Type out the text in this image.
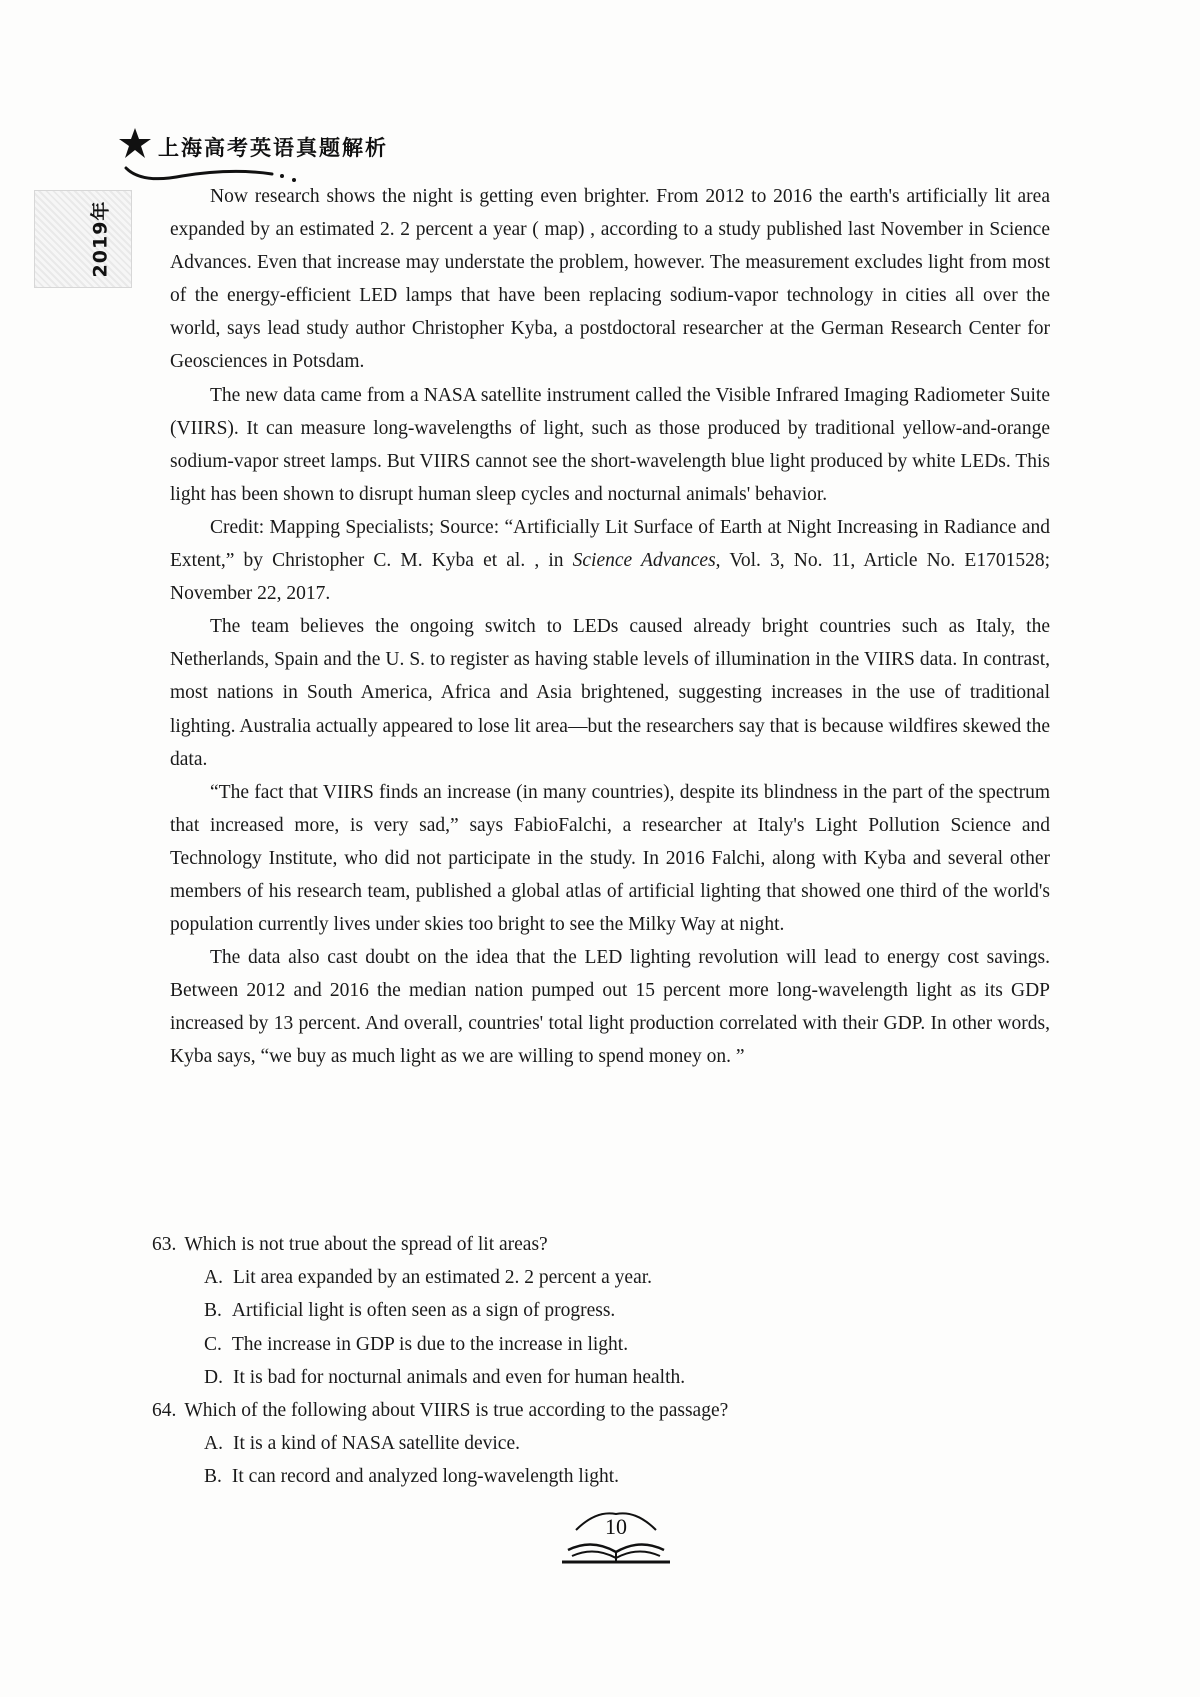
上海高考英语真题解析
2019年

Now research shows the night is getting even brighter. From 2012 to 2016 the earth's artificially lit area expanded by an estimated 2. 2 percent a year ( map) , according to a study published last November in Science Advances. Even that increase may understate the problem, however. The measurement excludes light from most of the energy-efficient LED lamps that have been replacing sodium-vapor technology in cities all over the world, says lead study author Christopher Kyba, a postdoctoral researcher at the German Research Center for Geosciences in Potsdam.

The new data came from a NASA satellite instrument called the Visible Infrared Imaging Radiometer Suite (VIIRS). It can measure long-wavelengths of light, such as those produced by traditional yellow-and-orange sodium-vapor street lamps. But VIIRS cannot see the short-wavelength blue light produced by white LEDs. This light has been shown to disrupt human sleep cycles and nocturnal animals' behavior.

Credit: Mapping Specialists; Source: “Artificially Lit Surface of Earth at Night Increasing in Radiance and Extent,” by Christopher C. M. Kyba et al. , in Science Advances, Vol. 3, No. 11, Article No. E1701528; November 22, 2017.

The team believes the ongoing switch to LEDs caused already bright countries such as Italy, the Netherlands, Spain and the U. S. to register as having stable levels of illumination in the VIIRS data. In contrast, most nations in South America, Africa and Asia brightened, suggesting increases in the use of traditional lighting. Australia actually appeared to lose lit area—but the researchers say that is because wildfires skewed the data.

“The fact that VIIRS finds an increase (in many countries), despite its blindness in the part of the spectrum that increased more, is very sad,” says FabioFalchi, a researcher at Italy's Light Pollution Science and Technology Institute, who did not participate in the study. In 2016 Falchi, along with Kyba and several other members of his research team, published a global atlas of artificial lighting that showed one third of the world's population currently lives under skies too bright to see the Milky Way at night.

The data also cast doubt on the idea that the LED lighting revolution will lead to energy cost savings. Between 2012 and 2016 the median nation pumped out 15 percent more long-wavelength light as its GDP increased by 13 percent. And overall, countries' total light production correlated with their GDP. In other words, Kyba says, “we buy as much light as we are willing to spend money on. ”

63. Which is not true about the spread of lit areas?
A. Lit area expanded by an estimated 2. 2 percent a year.
B. Artificial light is often seen as a sign of progress.
C. The increase in GDP is due to the increase in light.
D. It is bad for nocturnal animals and even for human health.
64. Which of the following about VIIRS is true according to the passage?
A. It is a kind of NASA satellite device.
B. It can record and analyzed long-wavelength light.
10
